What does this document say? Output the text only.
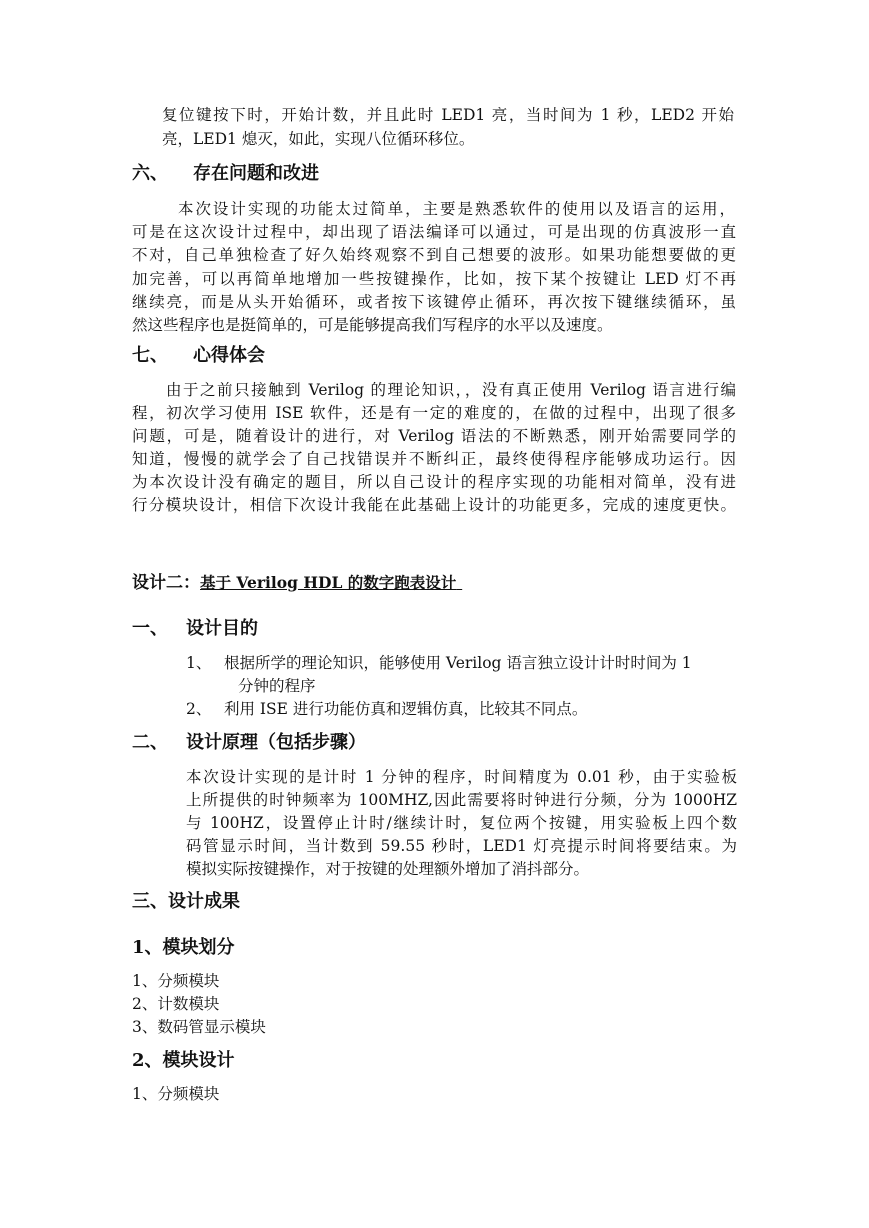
复位键按下时，开始计数，并且此时 LED1 亮，当时间为 1 秒，LED2 开始
亮，LED1 熄灭，如此，实现八位循环移位。
六、 存在问题和改进
本次设计实现的功能太过简单，主要是熟悉软件的使用以及语言的运用，
可是在这次设计过程中，却出现了语法编译可以通过，可是出现的仿真波形一直
不对，自己单独检查了好久始终观察不到自己想要的波形。如果功能想要做的更
加完善，可以再简单地增加一些按键操作，比如，按下某个按键让 LED 灯不再
继续亮，而是从头开始循环，或者按下该键停止循环，再次按下键继续循环，虽
然这些程序也是挺简单的，可是能够提高我们写程序的水平以及速度。
七、 心得体会
由于之前只接触到 Verilog 的理论知识，，没有真正使用 Verilog 语言进行编
程，初次学习使用 ISE 软件，还是有一定的难度的，在做的过程中，出现了很多
问题，可是，随着设计的进行，对 Verilog 语法的不断熟悉，刚开始需要同学的
知道，慢慢的就学会了自己找错误并不断纠正，最终使得程序能够成功运行。因
为本次设计没有确定的题目，所以自己设计的程序实现的功能相对简单，没有进
行分模块设计，相信下次设计我能在此基础上设计的功能更多，完成的速度更快。
设计二：基于 Verilog HDL 的数字跑表设计
一、 设计目的
1、 根据所学的理论知识，能够使用 Verilog 语言独立设计计时时间为 1
分钟的程序
2、 利用 ISE 进行功能仿真和逻辑仿真，比较其不同点。
二、 设计原理（包括步骤）
本次设计实现的是计时 1 分钟的程序，时间精度为 0.01 秒，由于实验板
上所提供的时钟频率为 100MHZ,因此需要将时钟进行分频，分为 1000HZ
与 100HZ，设置停止计时/继续计时，复位两个按键，用实验板上四个数
码管显示时间，当计数到 59.55 秒时，LED1 灯亮提示时间将要结束。为
模拟实际按键操作，对于按键的处理额外增加了消抖部分。
三、设计成果
1、模块划分
1、分频模块
2、计数模块
3、数码管显示模块
2、模块设计
1、分频模块
